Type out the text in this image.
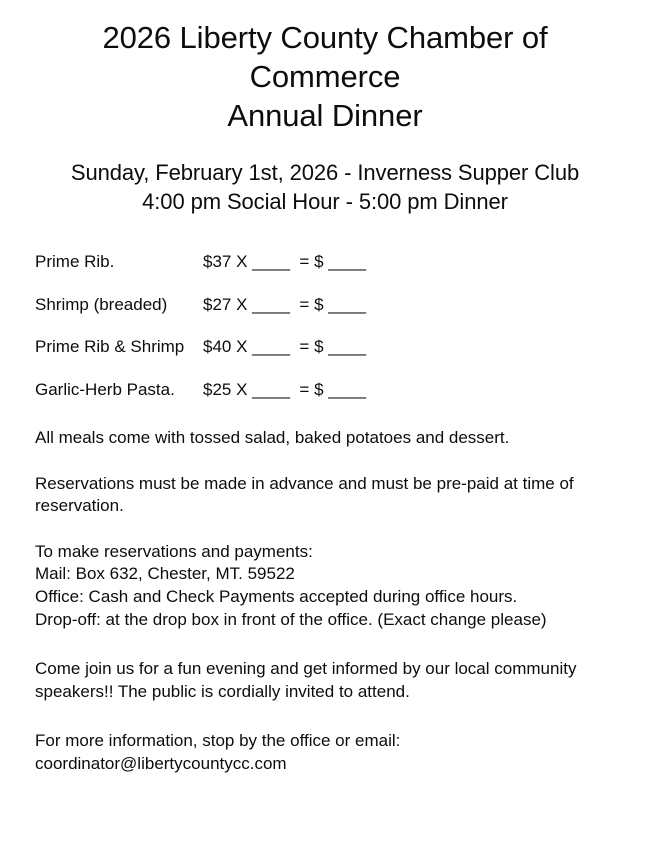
2026 Liberty County Chamber of Commerce
Annual Dinner
Sunday, February 1st, 2026 - Inverness Supper Club
4:00 pm Social Hour - 5:00 pm Dinner
Prime Rib.	$37 X ____  = $ ____
Shrimp (breaded)	$27 X ____  = $ ____
Prime Rib & Shrimp	$40 X ____  = $ ____
Garlic-Herb Pasta.	$25 X ____  = $ ____

All meals come with tossed salad, baked potatoes and dessert.

Reservations must be made in advance and must be pre-paid at time of reservation.

To make reservations and payments:
Mail: Box 632, Chester, MT. 59522
Office: Cash and Check Payments accepted during office hours.
Drop-off: at the drop box in front of the office. (Exact change please)

Come join us for a fun evening and get informed by our local community speakers!! The public is cordially invited to attend.

For more information, stop by the office or email:
coordinator@libertycountycc.com
